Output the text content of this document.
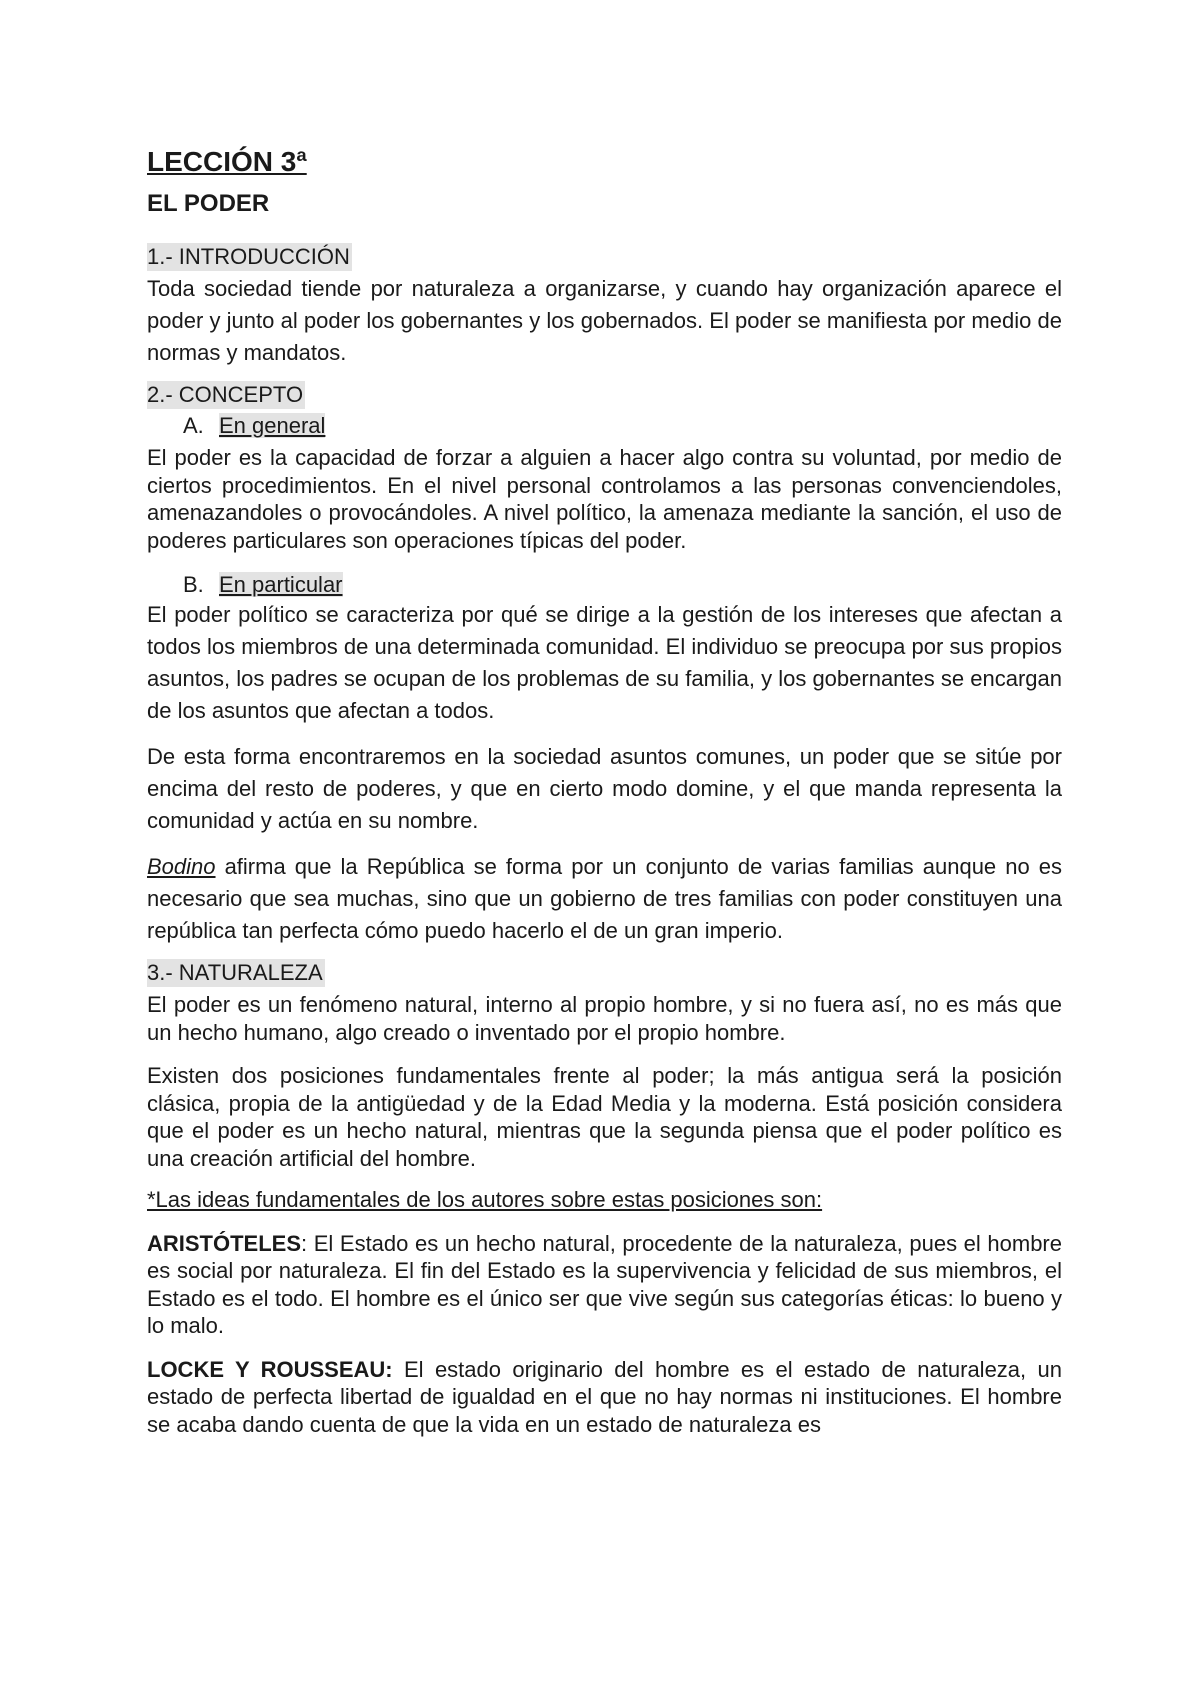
LECCIÓN 3ª
EL PODER
1.- INTRODUCCIÓN

Toda sociedad tiende por naturaleza a organizarse, y cuando hay organización aparece el poder y junto al poder los gobernantes y los gobernados. El poder se manifiesta por medio de normas y mandatos.

2.- CONCEPTO
A. En general

El poder es la capacidad de forzar a alguien a hacer algo contra su voluntad, por medio de ciertos procedimientos. En el nivel personal controlamos a las personas convenciendoles, amenazandoles o provocándoles. A nivel político, la amenaza mediante la sanción, el uso de poderes particulares son operaciones típicas del poder.

B. En particular

El poder político se caracteriza por qué se dirige a la gestión de los intereses que afectan a todos los miembros de una determinada comunidad. El individuo se preocupa por sus propios asuntos, los padres se ocupan de los problemas de su familia, y los gobernantes se encargan de los asuntos que afectan a todos.

De esta forma encontraremos en la sociedad asuntos comunes, un poder que se sitúe por encima del resto de poderes, y que en cierto modo domine, y el que manda representa la comunidad y actúa en su nombre.

Bodino afirma que la República se forma por un conjunto de varias familias aunque no es necesario que sea muchas, sino que un gobierno de tres familias con poder constituyen una república tan perfecta cómo puedo hacerlo el de un gran imperio.

3.- NATURALEZA

El poder es un fenómeno natural, interno al propio hombre, y si no fuera así, no es más que un hecho humano, algo creado o inventado por el propio hombre.

Existen dos posiciones fundamentales frente al poder; la más antigua será la posición clásica, propia de la antigüedad y de la Edad Media y la moderna. Está posición considera que el poder es un hecho natural, mientras que la segunda piensa que el poder político es una creación artificial del hombre.

*Las ideas fundamentales de los autores sobre estas posiciones son:

ARISTÓTELES: El Estado es un hecho natural, procedente de la naturaleza, pues el hombre es social por naturaleza. El fin del Estado es la supervivencia y felicidad de sus miembros, el Estado es el todo. El hombre es el único ser que vive según sus categorías éticas: lo bueno y lo malo.

LOCKE Y ROUSSEAU: El estado originario del hombre es el estado de naturaleza, un estado de perfecta libertad de igualdad en el que no hay normas ni instituciones. El hombre se acaba dando cuenta de que la vida en un estado de naturaleza es
